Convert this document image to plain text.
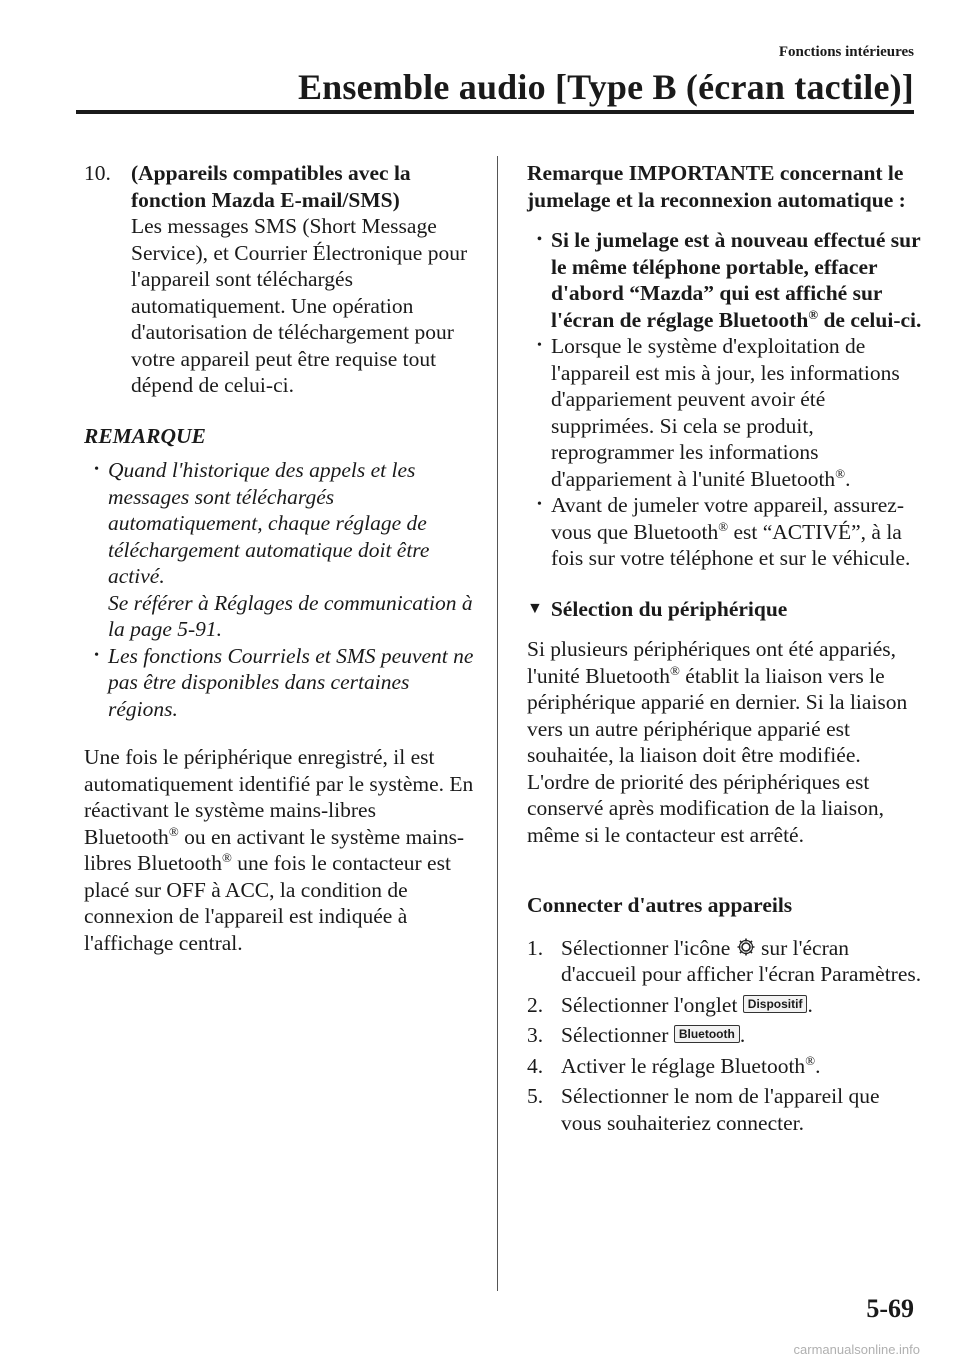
Fonctions intérieures
Ensemble audio [Type B (écran tactile)]
10. (Appareils compatibles avec la fonction Mazda E-mail/SMS)

Les messages SMS (Short Message Service), et Courrier Électronique pour l'appareil sont téléchargés automatiquement. Une opération d'autorisation de téléchargement pour votre appareil peut être requise tout dépend de celui-ci.

REMARQUE

• Quand l'historique des appels et les messages sont téléchargés automatiquement, chaque réglage de téléchargement automatique doit être activé.

Se référer à Réglages de communication à la page 5-91.

• Les fonctions Courriels et SMS peuvent ne pas être disponibles dans certaines régions.

Une fois le périphérique enregistré, il est automatiquement identifié par le système. En réactivant le système mains-libres Bluetooth® ou en activant le système mains-libres Bluetooth® une fois le contacteur est placé sur OFF à ACC, la condition de connexion de l'appareil est indiquée à l'affichage central.

Remarque IMPORTANTE concernant le jumelage et la reconnexion automatique :

• Si le jumelage est à nouveau effectué sur le même téléphone portable, effacer d'abord “Mazda” qui est affiché sur l'écran de réglage Bluetooth® de celui-ci.

• Lorsque le système d'exploitation de l'appareil est mis à jour, les informations d'appariement peuvent avoir été supprimées. Si cela se produit, reprogrammer les informations d'appariement à l'unité Bluetooth®.

• Avant de jumeler votre appareil, assurez-vous que Bluetooth® est “ACTIVÉ”, à la fois sur votre téléphone et sur le véhicule.

▼ Sélection du périphérique

Si plusieurs périphériques ont été appariés, l'unité Bluetooth® établit la liaison vers le périphérique apparié en dernier. Si la liaison vers un autre périphérique apparié est souhaitée, la liaison doit être modifiée. L'ordre de priorité des périphériques est conservé après modification de la liaison, même si le contacteur est arrêté.

Connecter d'autres appareils

1. Sélectionner l'icône  sur l'écran d'accueil pour afficher l'écran Paramètres.

2. Sélectionner l'onglet Dispositif .

3. Sélectionner Bluetooth .

4. Activer le réglage Bluetooth®.

5. Sélectionner le nom de l'appareil que vous souhaiteriez connecter.

5-69
carmanualsonline.info
